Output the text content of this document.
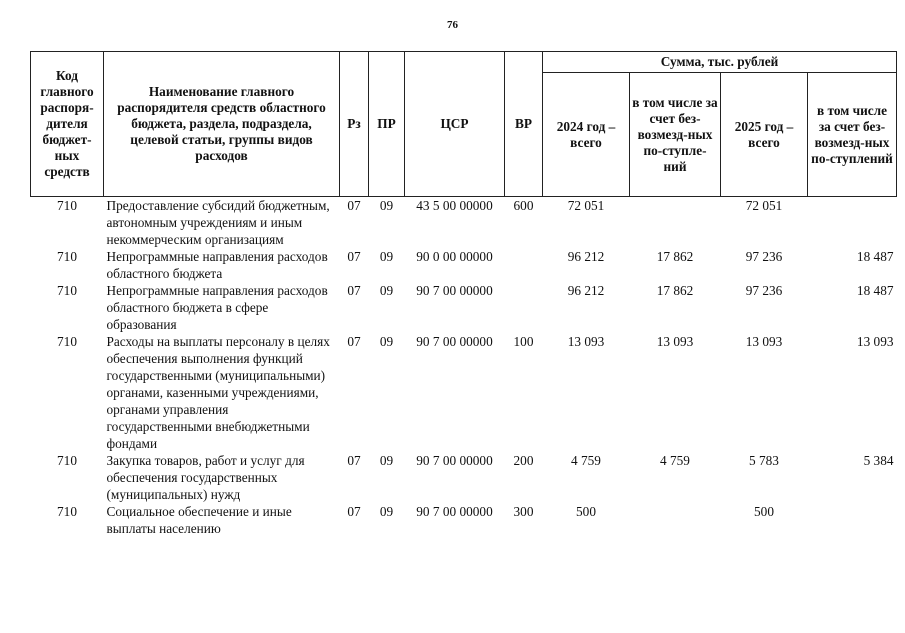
76
Код главного распоря-дителя бюджет-ных средств	Наименование главного распорядителя средств областного бюджета, раздела, подраздела, целевой статьи, группы видов расходов	Рз	ПР	ЦСР	ВР	Сумма, тыс. рублей			
						2024 год – всего	в том числе за счет без-возмезд-ных по-ступле-ний	2025 год – всего	в том числе за счет без-возмезд-ных по-ступлений
710	Предоставление субсидий бюджетным, автономным учреждениям и иным некоммерческим организациям	07	09	43 5 00 00000	600	72 051		72 051	
710	Непрограммные направления расходов областного бюджета	07	09	90 0 00 00000		96 212	17 862	97 236	18 487
710	Непрограммные направления расходов областного бюджета в сфере образования	07	09	90 7 00 00000		96 212	17 862	97 236	18 487
710	Расходы на выплаты персоналу в целях обеспечения выполнения функций государственными (муниципальными) органами, казенными учреждениями, органами управления государственными внебюджетными фондами	07	09	90 7 00 00000	100	13 093	13 093	13 093	13 093
710	Закупка товаров, работ и услуг для обеспечения государственных (муниципальных) нужд	07	09	90 7 00 00000	200	4 759	4 759	5 783	5 384
710	Социальное обеспечение и иные выплаты населению	07	09	90 7 00 00000	300	500		500	
